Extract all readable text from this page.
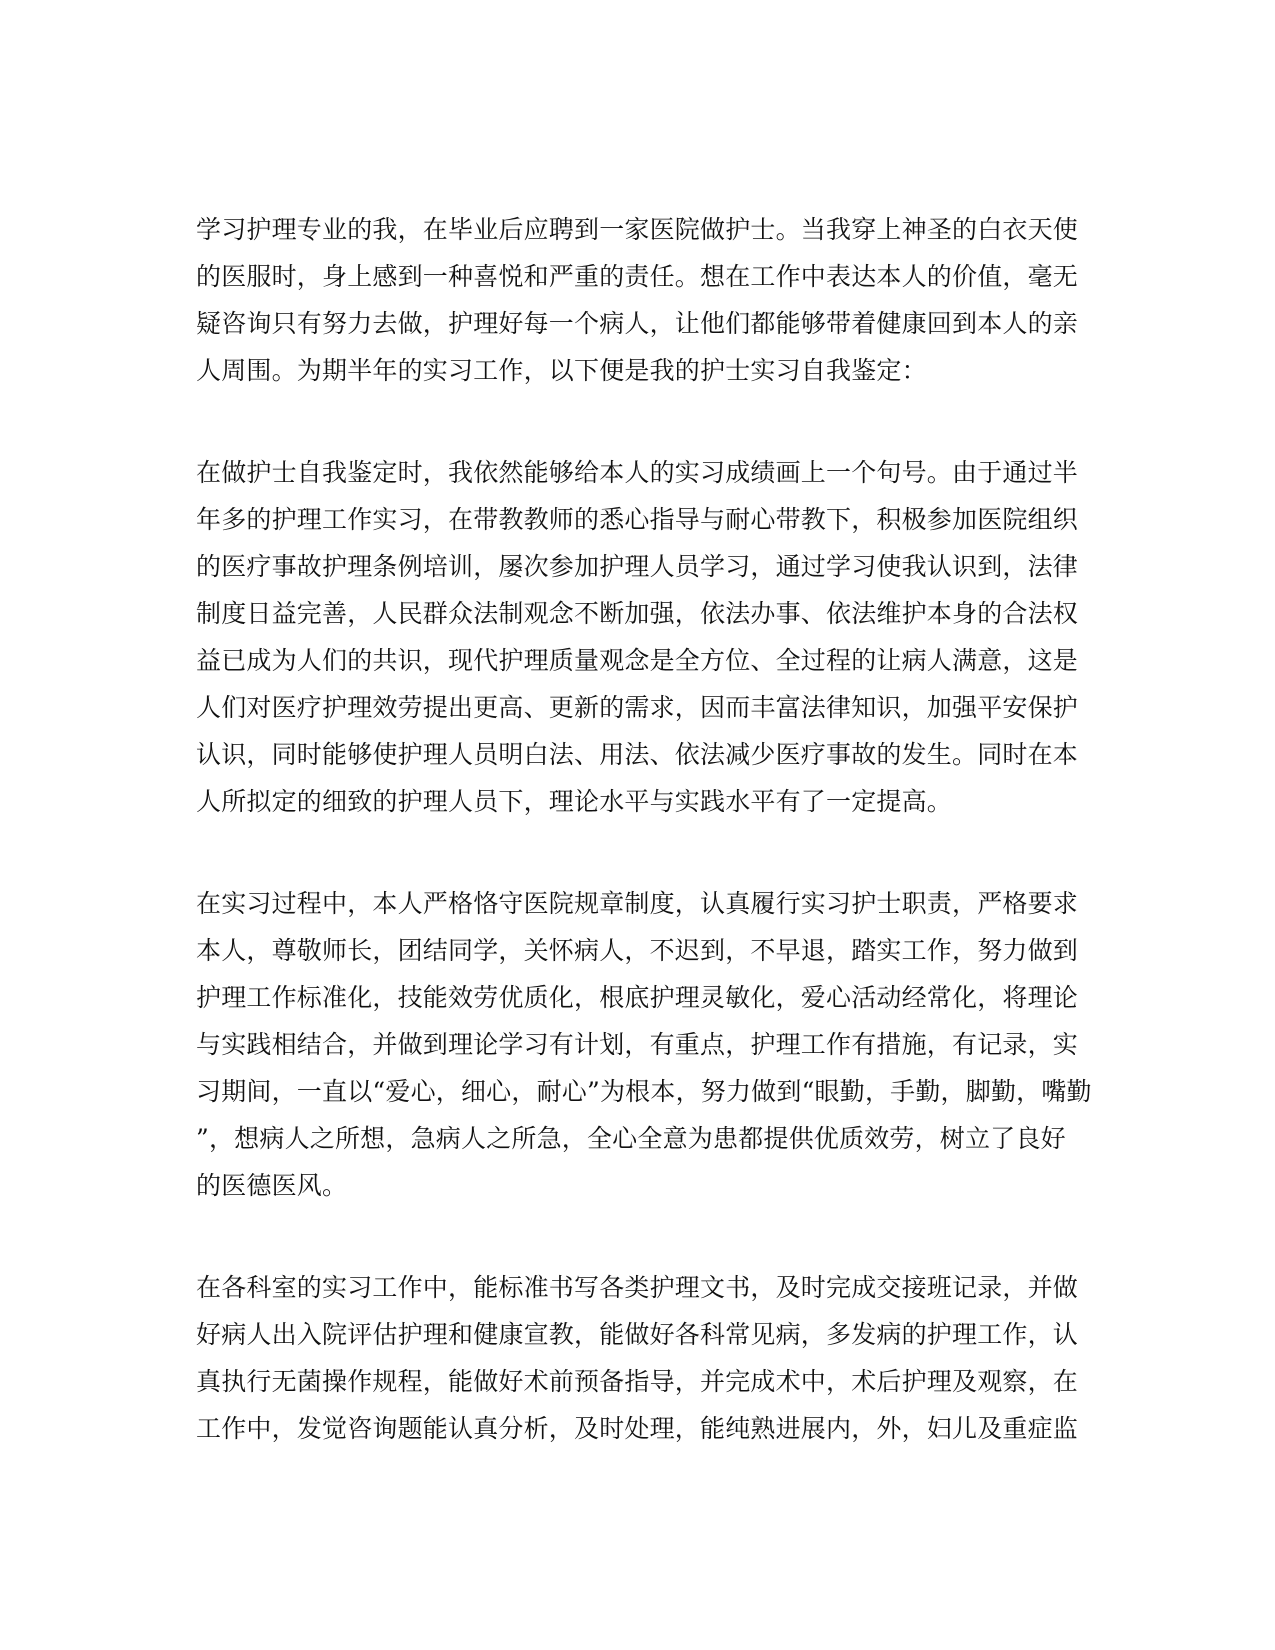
学习护理专业的我，在毕业后应聘到一家医院做护士。当我穿上神圣的白衣天使
的医服时，身上感到一种喜悦和严重的责任。想在工作中表达本人的价值，毫无
疑咨询只有努力去做，护理好每一个病人，让他们都能够带着健康回到本人的亲
人周围。为期半年的实习工作，以下便是我的护士实习自我鉴定：
在做护士自我鉴定时，我依然能够给本人的实习成绩画上一个句号。由于通过半
年多的护理工作实习，在带教教师的悉心指导与耐心带教下，积极参加医院组织
的医疗事故护理条例培训，屡次参加护理人员学习，通过学习使我认识到，法律
制度日益完善，人民群众法制观念不断加强，依法办事、依法维护本身的合法权
益已成为人们的共识，现代护理质量观念是全方位、全过程的让病人满意，这是
人们对医疗护理效劳提出更高、更新的需求，因而丰富法律知识，加强平安保护
认识，同时能够使护理人员明白法、用法、依法减少医疗事故的发生。同时在本
人所拟定的细致的护理人员下，理论水平与实践水平有了一定提高。
在实习过程中，本人严格恪守医院规章制度，认真履行实习护士职责，严格要求
本人，尊敬师长，团结同学，关怀病人，不迟到，不早退，踏实工作，努力做到
护理工作标准化，技能效劳优质化，根底护理灵敏化，爱心活动经常化，将理论
与实践相结合，并做到理论学习有计划，有重点，护理工作有措施，有记录，实
习期间，一直以“爱心，细心，耐心”为根本，努力做到“眼勤，手勤，脚勤，嘴勤
”，想病人之所想，急病人之所急，全心全意为患都提供优质效劳，树立了良好
的医德医风。
在各科室的实习工作中，能标准书写各类护理文书，及时完成交接班记录，并做
好病人出入院评估护理和健康宣教，能做好各科常见病，多发病的护理工作，认
真执行无菌操作规程，能做好术前预备指导，并完成术中，术后护理及观察，在
工作中，发觉咨询题能认真分析，及时处理，能纯熟进展内，外，妇儿及重症监
